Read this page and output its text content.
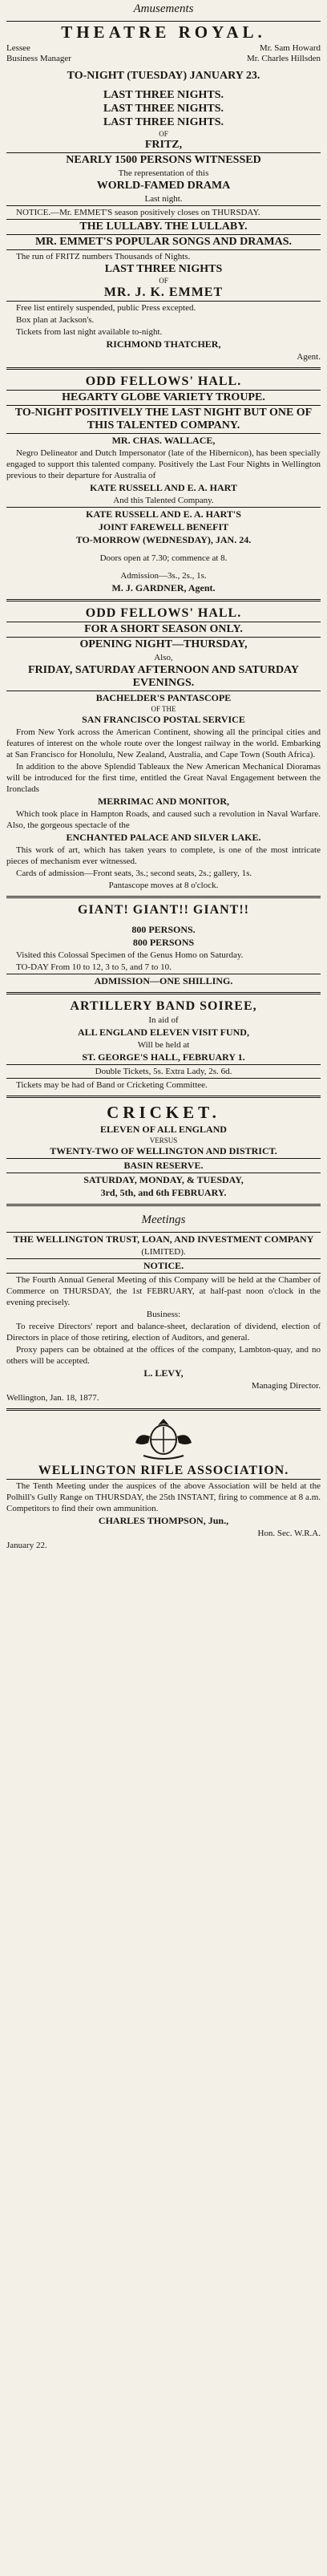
Amusements
THEATRE ROYAL.
Lessee	Mr. Sam Howard
Business Manager	Mr. Charles Hillsden
TO-NIGHT (TUESDAY) JANUARY 23.
LAST THREE NIGHTS.
LAST THREE NIGHTS.
LAST THREE NIGHTS.
OF
FRITZ,
NEARLY 1500 PERSONS WITNESSED
The representation of this
WORLD-FAMED DRAMA
Last night.
NOTICE.—Mr. EMMET'S season positively closes on THURSDAY.
THE LULLABY. THE LULLABY.
MR. EMMET'S POPULAR SONGS AND DRAMAS.
The run of FRITZ numbers Thousands of Nights.
LAST THREE NIGHTS
OF
MR. J. K. EMMET
Free list entirely suspended, public Press excepted.
Box plan at Jackson's.
Tickets from last night available to-night.
RICHMOND THATCHER,
Agent.
ODD FELLOWS' HALL.
HEGARTY GLOBE VARIETY TROUPE.
TO-NIGHT POSITIVELY THE LAST NIGHT BUT ONE OF THIS TALENTED COMPANY.
MR. CHAS. WALLACE,
Negro Delineator and Dutch Impersonator (late of the Hibernicon), has been specially engaged to support this talented company. Positively the Last Four Nights in Wellington previous to their departure for Australia of
KATE RUSSELL AND E. A. HART
And this Talented Company.
KATE RUSSELL AND E. A. HART'S
JOINT FAREWELL BENEFIT
TO-MORROW (WEDNESDAY), JAN. 24.
Doors open at 7.30; commence at 8.
Admission—3s., 2s., 1s.
M. J. GARDNER, Agent.
ODD FELLOWS' HALL.
FOR A SHORT SEASON ONLY.
OPENING NIGHT—THURSDAY,
Also,
FRIDAY, SATURDAY AFTERNOON AND SATURDAY EVENINGS.
BACHELDER'S PANTASCOPE
OF THE
SAN FRANCISCO POSTAL SERVICE
From New York across the American Continent, showing all the principal cities and features of interest on the whole route over the longest railway in the world. Embarking at San Francisco for Honolulu, New Zealand, Australia, and Cape Town (South Africa).
In addition to the above Splendid Tableaux the New American Mechanical Dioramas will be introduced for the first time, entitled the Great Naval Engagement between the Ironclads
MERRIMAC AND MONITOR,
Which took place in Hampton Roads, and caused such a revolution in Naval Warfare. Also, the gorgeous spectacle of the
ENCHANTED PALACE AND SILVER LAKE.
This work of art, which has taken years to complete, is one of the most intricate pieces of mechanism ever witnessed.
Cards of admission—Front seats, 3s.; second seats, 2s.; gallery, 1s.
Pantascope moves at 8 o'clock.
GIANT! GIANT!! GIANT!!
800 PERSONS.
800 PERSONS
Visited this Colossal Specimen of the Genus Homo on Saturday.
TO-DAY From 10 to 12, 3 to 5, and 7 to 10.
ADMISSION—ONE SHILLING.
ARTILLERY BAND SOIREE,
In aid of
ALL ENGLAND ELEVEN VISIT FUND,
Will be held at
ST. GEORGE'S HALL, FEBRUARY 1.
Double Tickets, 5s. Extra Lady, 2s. 6d.
Tickets may be had of Band or Cricketing Committee.
CRICKET.
ELEVEN OF ALL ENGLAND
VERSUS
TWENTY-TWO OF WELLINGTON AND DISTRICT.
BASIN RESERVE.
SATURDAY, MONDAY, & TUESDAY,
3rd, 5th, and 6th FEBRUARY.
Meetings
THE WELLINGTON TRUST, LOAN, AND INVESTMENT COMPANY
(LIMITED).
NOTICE.
The Fourth Annual General Meeting of this Company will be held at the Chamber of Commerce on THURSDAY, the 1st FEBRUARY, at half-past noon o'clock in the evening precisely.
Business:
To receive Directors' report and balance-sheet, declaration of dividend, election of Directors in place of those retiring, election of Auditors, and general.
Proxy papers can be obtained at the offices of the company, Lambton-quay, and no others will be accepted.
L. LEVY,
Managing Director.
Wellington, Jan. 18, 1877.
WELLINGTON RIFLE ASSOCIATION.
The Tenth Meeting under the auspices of the above Association will be held at the Polhill's Gully Range on THURSDAY, the 25th INSTANT, firing to commence at 8 a.m. Competitors to find their own ammunition.
CHARLES THOMPSON, Jun.,
Hon. Sec. W.R.A.
January 22.
